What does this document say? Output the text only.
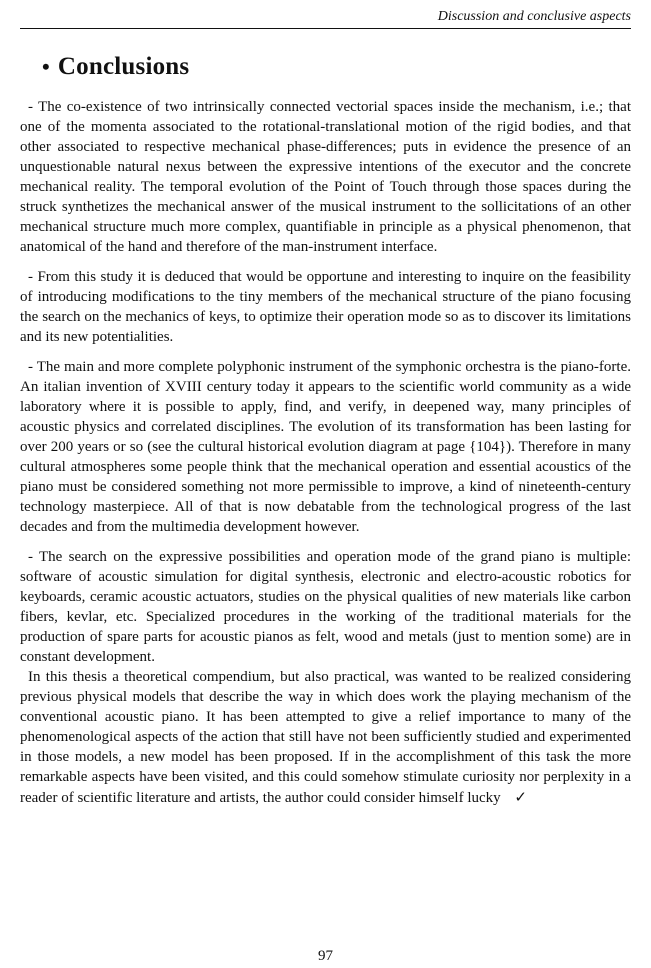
Discussion and conclusive aspects
• Conclusions

- The co-existence of two intrinsically connected vectorial spaces inside the mechanism, i.e.; that one of the momenta associated to the rotational-translational motion of the rigid bodies, and that other associated to respective mechanical phase-differences; puts in evidence the presence of an unquestionable natural nexus between the expressive intentions of the executor and the concrete mechanical reality. The temporal evolution of the Point of Touch through those spaces during the struck synthetizes the mechanical answer of the musical instrument to the sollicitations of an other mechanical structure much more complex, quantifiable in principle as a physical phenomenon, that anatomical of the hand and therefore of the man-instrument interface.

- From this study it is deduced that would be opportune and interesting to inquire on the feasibility of introducing modifications to the tiny members of the mechanical structure of the piano focusing the search on the mechanics of keys, to optimize their operation mode so as to discover its limitations and its new potentialities.

- The main and more complete polyphonic instrument of the symphonic orchestra is the piano-forte. An italian invention of XVIII century today it appears to the scientific world community as a wide laboratory where it is possible to apply, find, and verify, in deepened way, many principles of acoustic physics and correlated disciplines. The evolution of its transformation has been lasting for over 200 years or so (see the cultural historical evolution diagram at page {104}). Therefore in many cultural atmospheres some people think that the mechanical operation and essential acoustics of the piano must be considered something not more permissible to improve, a kind of nineteenth-century technology masterpiece. All of that is now debatable from the technological progress of the last decades and from the multimedia development however.

- The search on the expressive possibilities and operation mode of the grand piano is multiple: software of acoustic simulation for digital synthesis, electronic and electro-acoustic robotics for keyboards, ceramic acoustic actuators, studies on the physical qualities of new materials like carbon fibers, kevlar, etc. Specialized procedures in the working of the traditional materials for the production of spare parts for acoustic pianos as felt, wood and metals (just to mention some) are in constant development.

In this thesis a theoretical compendium, but also practical, was wanted to be realized considering previous physical models that describe the way in which does work the playing mechanism of the conventional acoustic piano. It has been attempted to give a relief importance to many of the phenomenological aspects of the action that still have not been sufficiently studied and experimented in those models, a new model has been proposed. If in the accomplishment of this task the more remarkable aspects have been visited, and this could somehow stimulate curiosity nor perplexity in a reader of scientific literature and artists, the author could consider himself lucky ✓

97
